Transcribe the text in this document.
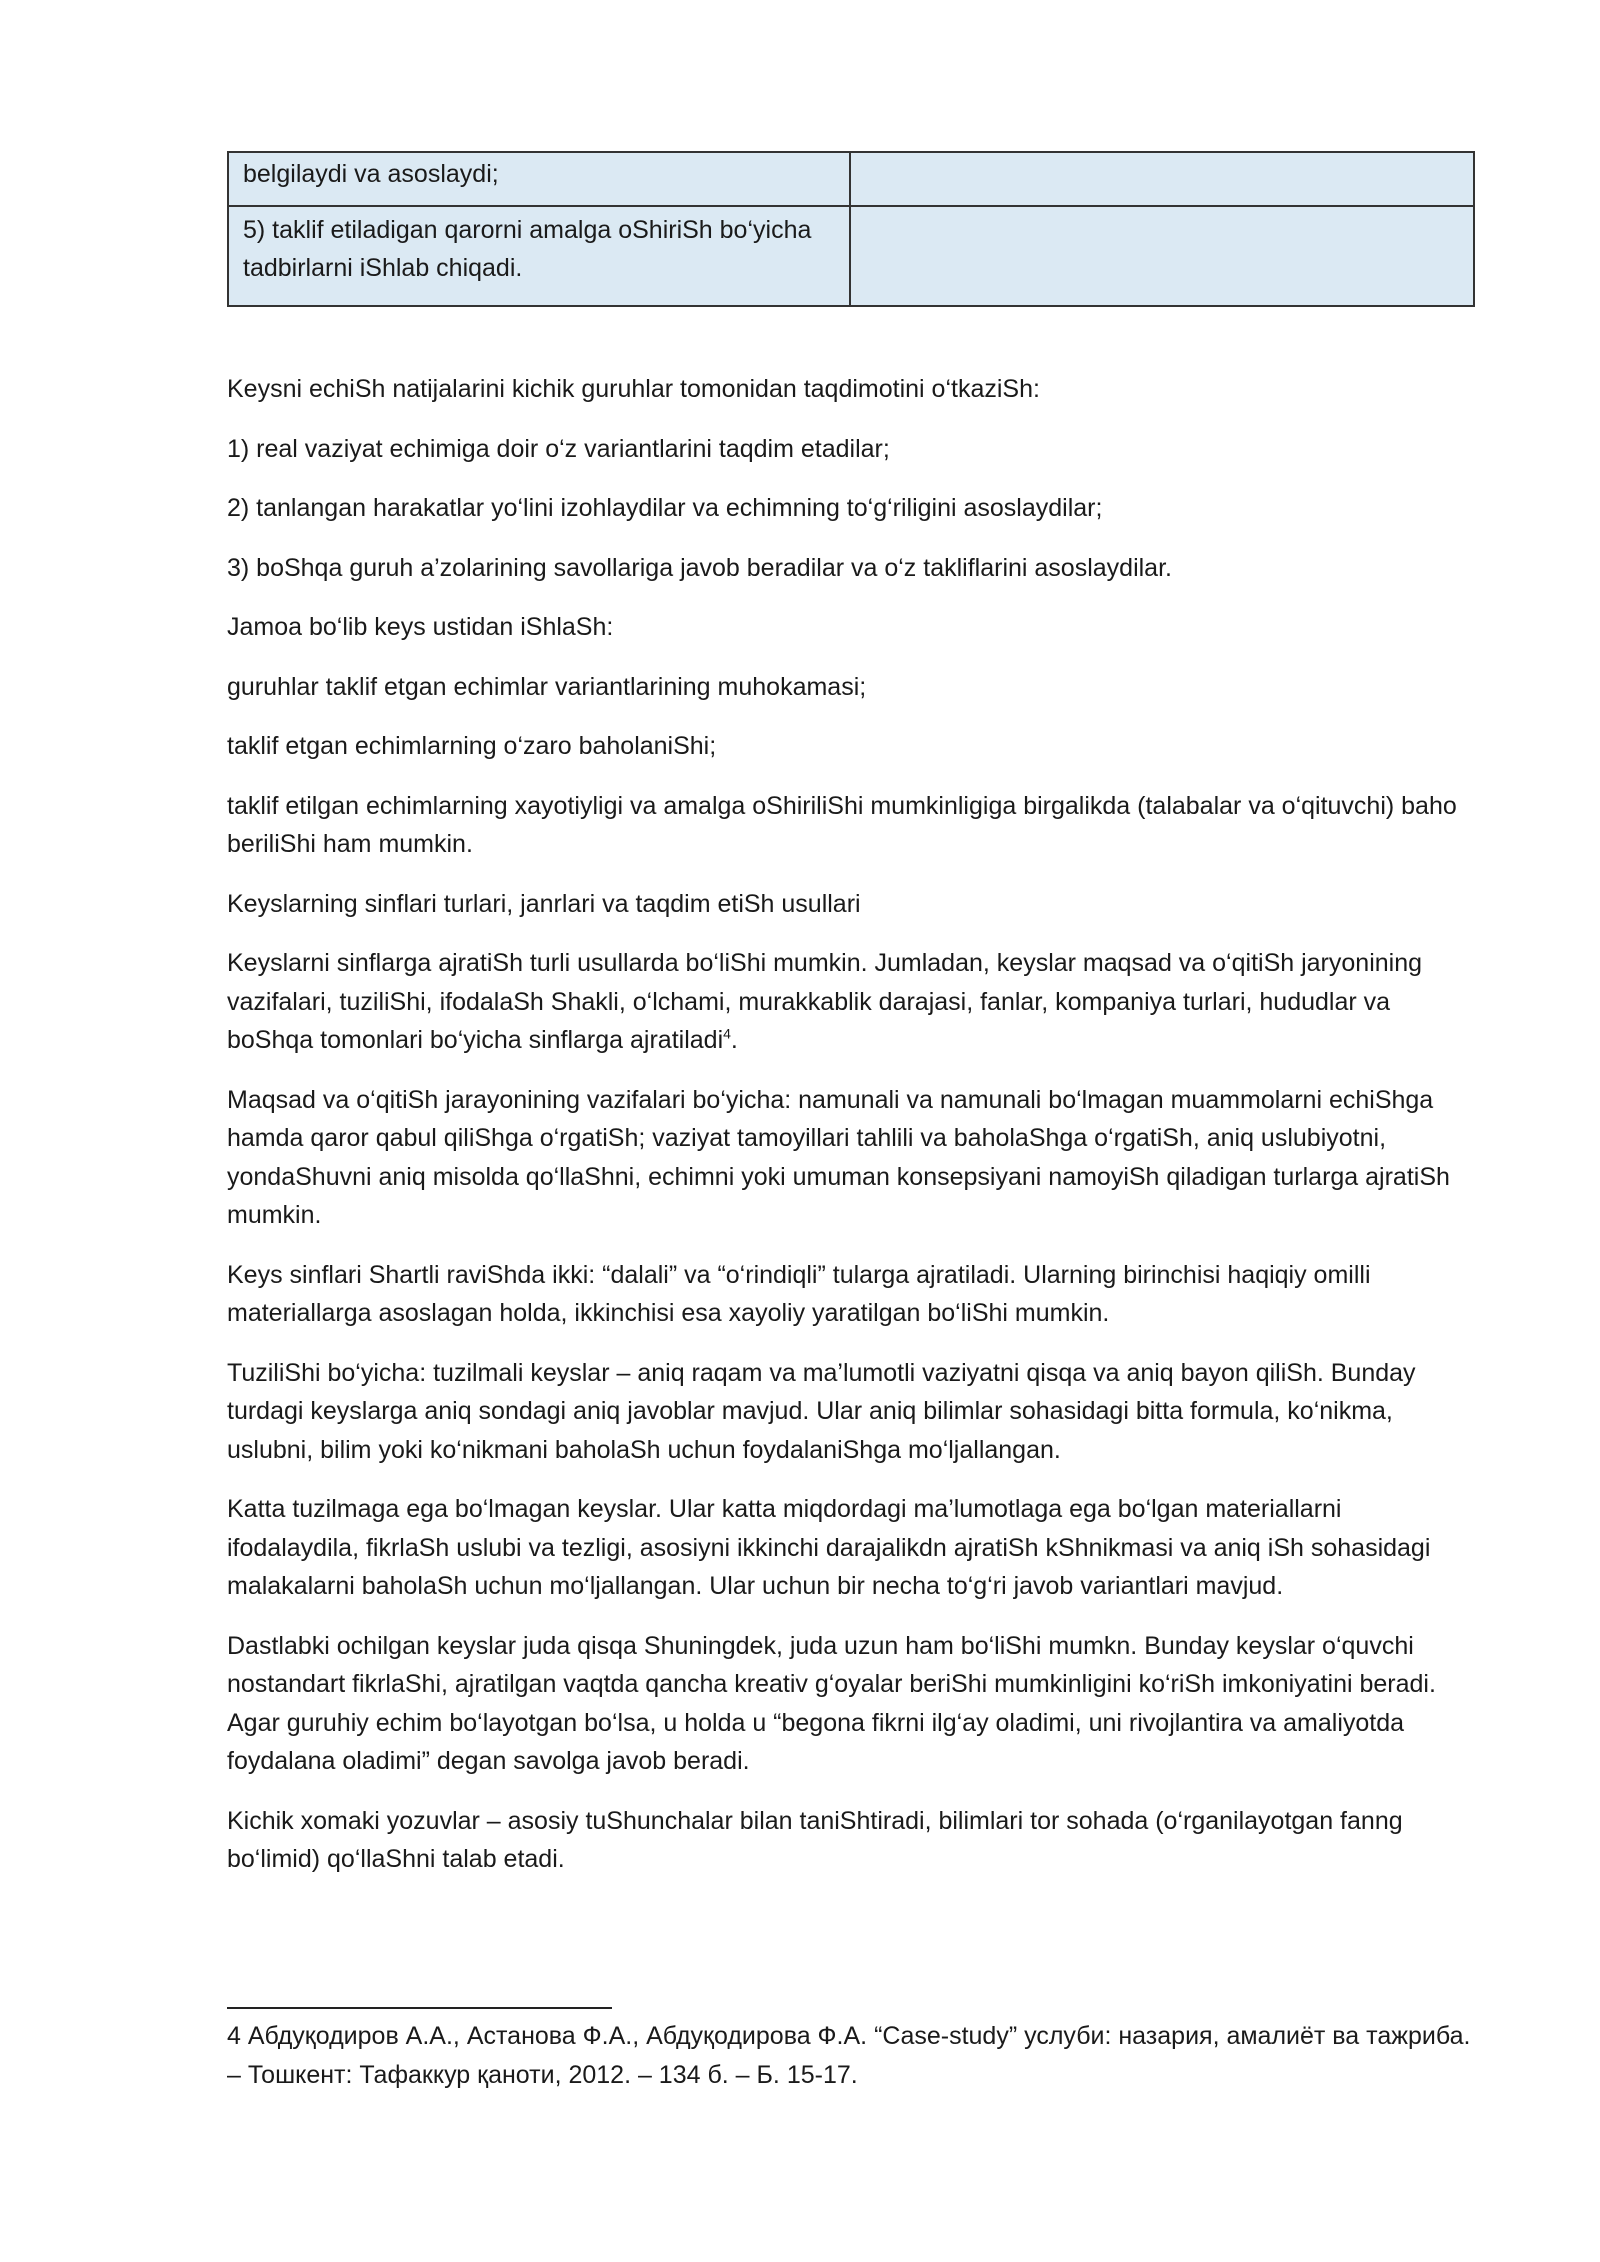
belgilaydi va asoslaydi;	
5) taklif etiladigan qarorni amalga oShiriSh bo‘yicha tadbirlarni iShlab chiqadi.	

Keysni echiSh natijalarini kichik guruhlar tomonidan taqdimotini o‘tkaziSh:

1) real vaziyat echimiga doir o‘z variantlarini taqdim etadilar;

2) tanlangan harakatlar yo‘lini izohlaydilar va echimning to‘g‘riligini asoslaydilar;

3) boShqa guruh a’zolarining savollariga javob beradilar va o‘z takliflarini asoslaydilar.

Jamoa bo‘lib keys ustidan iShlaSh:

guruhlar taklif etgan echimlar variantlarining muhokamasi;

taklif etgan echimlarning o‘zaro baholaniShi;

taklif etilgan echimlarning xayotiyligi va amalga oShiriliShi mumkinligiga birgalikda (talabalar va o‘qituvchi) baho beriliShi ham mumkin.

Keyslarning sinflari turlari, janrlari va taqdim etiSh usullari

Keyslarni sinflarga ajratiSh turli usullarda bo‘liShi mumkin. Jumladan, keyslar maqsad va o‘qitiSh jaryonining vazifalari, tuziliShi, ifodalaSh Shakli, o‘lchami, murakkablik darajasi, fanlar, kompaniya turlari, hududlar va boShqa tomonlari bo‘yicha sinflarga ajratiladi$^4$.

Maqsad va o‘qitiSh jarayonining vazifalari bo‘yicha: namunali va namunali bo‘lmagan muammolarni echiShga hamda qaror qabul qiliShga o‘rgatiSh; vaziyat tamoyillari tahlili va baholaShga o‘rgatiSh, aniq uslubiyotni, yondaShuvni aniq misolda qo‘llaShni, echimni yoki umuman konsepsiyani namoyiSh qiladigan turlarga ajratiSh mumkin.

Keys sinflari Shartli raviShda ikki: “dalali” va “o‘rindiqli” tularga ajratiladi. Ularning birinchisi haqiqiy omilli materiallarga asoslagan holda, ikkinchisi esa xayoliy yaratilgan bo‘liShi mumkin.

TuziliShi bo‘yicha: tuzilmali keyslar – aniq raqam va ma’lumotli vaziyatni qisqa va aniq bayon qiliSh. Bunday turdagi keyslarga aniq sondagi aniq javoblar mavjud. Ular aniq bilimlar sohasidagi bitta formula, ko‘nikma, uslubni, bilim yoki ko‘nikmani baholaSh uchun foydalaniShga mo‘ljallangan.

Katta tuzilmaga ega bo‘lmagan keyslar. Ular katta miqdordagi ma’lumotlaga ega bo‘lgan materiallarni ifodalaydila, fikrlaSh uslubi va tezligi, asosiyni ikkinchi darajalikdn ajratiSh kShnikmasi va aniq iSh sohasidagi malakalarni baholaSh uchun mo‘ljallangan. Ular uchun bir necha to‘g‘ri javob variantlari mavjud.

Dastlabki ochilgan keyslar juda qisqa Shuningdek, juda uzun ham bo‘liShi mumkn. Bunday keyslar o‘quvchi nostandart fikrlaShi, ajratilgan vaqtda qancha kreativ g‘oyalar beriShi mumkinligini ko‘riSh imkoniyatini beradi. Agar guruhiy echim bo‘layotgan bo‘lsa, u holda u “begona fikrni ilg‘ay oladimi, uni rivojlantira va amaliyotda foydalana oladimi” degan savolga javob beradi.

Kichik xomaki yozuvlar – asosiy tuShunchalar bilan taniShtiradi, bilimlari tor sohada (o‘rganilayotgan fanng bo‘limid) qo‘llaShni talab etadi.

4 Абдуқодиров А.А., Астанова Ф.А., Абдуқодирова Ф.А. “Case-study” услуби: назария, амалиёт ва тажриба. – Тошкент: Тафаккур қаноти, 2012. – 134 б. – Б. 15-17.
